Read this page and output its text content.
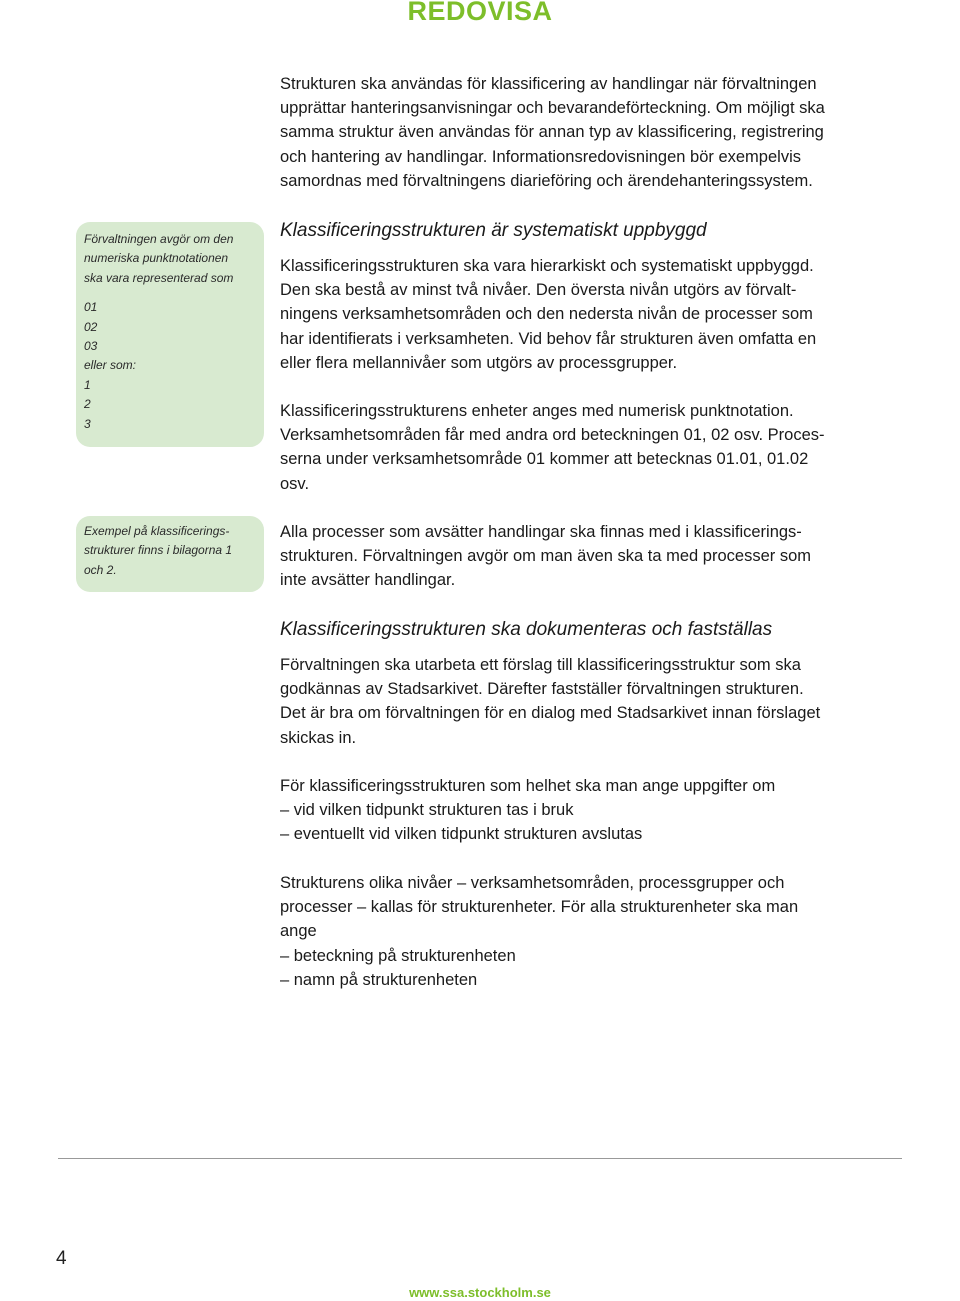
REDOVISA
Strukturen ska användas för klassificering av handlingar när förvaltningen
upprättar hanteringsanvisningar och bevarandeförteckning. Om möjligt ska
samma struktur även användas för annan typ av klassificering, registrering
och hantering av handlingar. Informationsredovisningen bör exempelvis
samordnas med förvaltningens diarieföring och ärendehanteringssystem.
Förvaltningen avgör om den
numeriska punktnotationen
ska vara representerad som
01
02
03
eller som:
1
2
3
Exempel på klassificerings-
strukturer finns i bilagorna 1
och 2.
Klassificeringsstrukturen är systematiskt uppbyggd
Klassificeringsstrukturen ska vara hierarkiskt och systematiskt uppbyggd.
Den ska bestå av minst två nivåer. Den översta nivån utgörs av förvalt-
ningens verksamhetsområden och den nedersta nivån de processer som
har identifierats i verksamheten. Vid behov får strukturen även omfatta en
eller flera mellannivåer som utgörs av processgrupper.
Klassificeringsstrukturens enheter anges med numerisk punktnotation.
Verksamhetsområden får med andra ord beteckningen 01, 02 osv. Proces-
serna under verksamhetsområde 01 kommer att betecknas 01.01, 01.02
osv.
Alla processer som avsätter handlingar ska finnas med i klassificerings-
strukturen. Förvaltningen avgör om man även ska ta med processer som
inte avsätter handlingar.
Klassificeringsstrukturen ska dokumenteras och fastställas
Förvaltningen ska utarbeta ett förslag till klassificeringsstruktur som ska
godkännas av Stadsarkivet. Därefter fastställer förvaltningen strukturen.
Det är bra om förvaltningen för en dialog med Stadsarkivet innan förslaget
skickas in.
För klassificeringsstrukturen som helhet ska man ange uppgifter om
– vid vilken tidpunkt strukturen tas i bruk
– eventuellt vid vilken tidpunkt strukturen avslutas
Strukturens olika nivåer – verksamhetsområden, processgrupper och
processer – kallas för strukturenheter. För alla strukturenheter ska man
ange
– beteckning på strukturenheten
– namn på strukturenheten
4
www.ssa.stockholm.se
